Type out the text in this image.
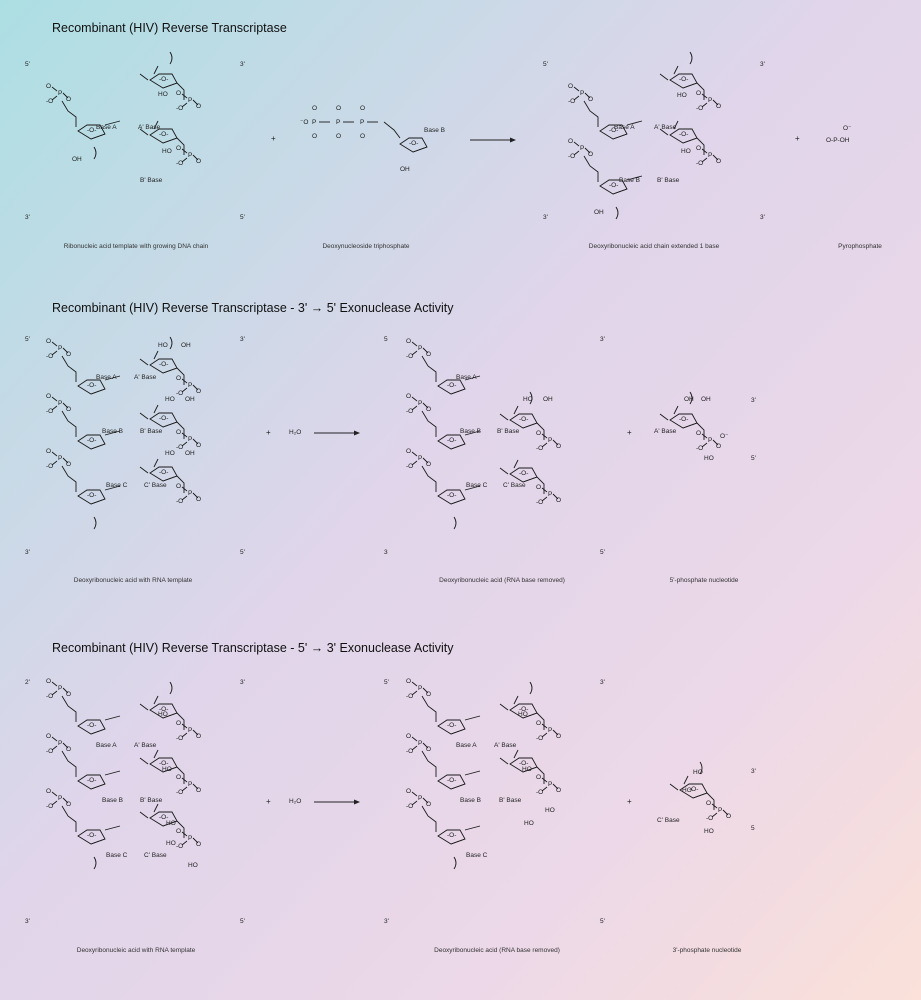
Recombinant (HIV) Reverse Transcriptase
5'	3'
3'	5'
5'	3'
3'	3'
Base A	A' Base
B' Base
Base B	Base A	A' Base
Base B	B' Base
HO
OH
OH
HO
HO
HO
OH
O⁻
O-P-OH
+	+
Ribonucleic acid template with growing DNA chain	Deoxynucleoside triphosphate	Deoxyribonucleic acid chain extended 1 base	Pyrophosphate
Recombinant (HIV) Reverse Transcriptase - 3' → 5' Exonuclease Activity
5'	3'
3'	5'
5	3'
3	5'
3'
5'
Base A	A' Base
Base B	B' Base
Base C	C' Base
Base A
Base B B' Base
Base C C' Base
A' Base
HO OH
HO OH
HO OH
HO OH	OH OH
HO
O⁻
+	+
H₂O →
Deoxyribonucleic acid with RNA template	Deoxyribonucleic acid (RNA base removed)	5'-phosphate nucleotide
Recombinant (HIV) Reverse Transcriptase - 5' → 3' Exonuclease Activity
2'	3'
3'	5'
5'	3'
3'	5'
3'
5
Base A	A' Base
Base B	B' Base
Base C	C' Base
Base A	A' Base
Base B	B' Base
Base C
C' Base
HO
HO
HO
HO
HO
HO
HO
HO
HO
HO
HO
HO
+	+
H₂O →
Deoxyribonucleic acid with RNA template	Deoxyribonucleic acid (RNA base removed)	3'-phosphate nucleotide
P
O
-O O
-O-
-O-
P
O
-O O
-O-
P
O
-O O
P
O
O
P
O
O
P
O
O
⁻O
-O-
P
O
-O O
-O-
P
O
-O O
-O-
-O-
P
O
-O O
-O-
P
O
-O O
P
O
-O O
-O-
P
O
-O O
-O-
P
O
-O O
-O-
-O-
P
O
-O O
-O-
P
O
-O O
-O-
P
O
-O O
P
O
-O O
-O-
P
O
-O O
-O-
P
O
-O O
-O-
-O-
P
O
-O O
-O-
P
O
-O O
-O-
P
O
-O O
P
O
-O O
-O-
P
O
-O O
-O-
P
O
-O O
-O-
-O-
P
O
-O O
-O-
P
O
-O O
-O-
P
O
-O O
P
O
-O O
-O-
P
O
-O O
-O-
P
O
-O O
-O-
-O-
P
O
-O O
-O-
P
O
-O O	-O-
P
O
-O O
